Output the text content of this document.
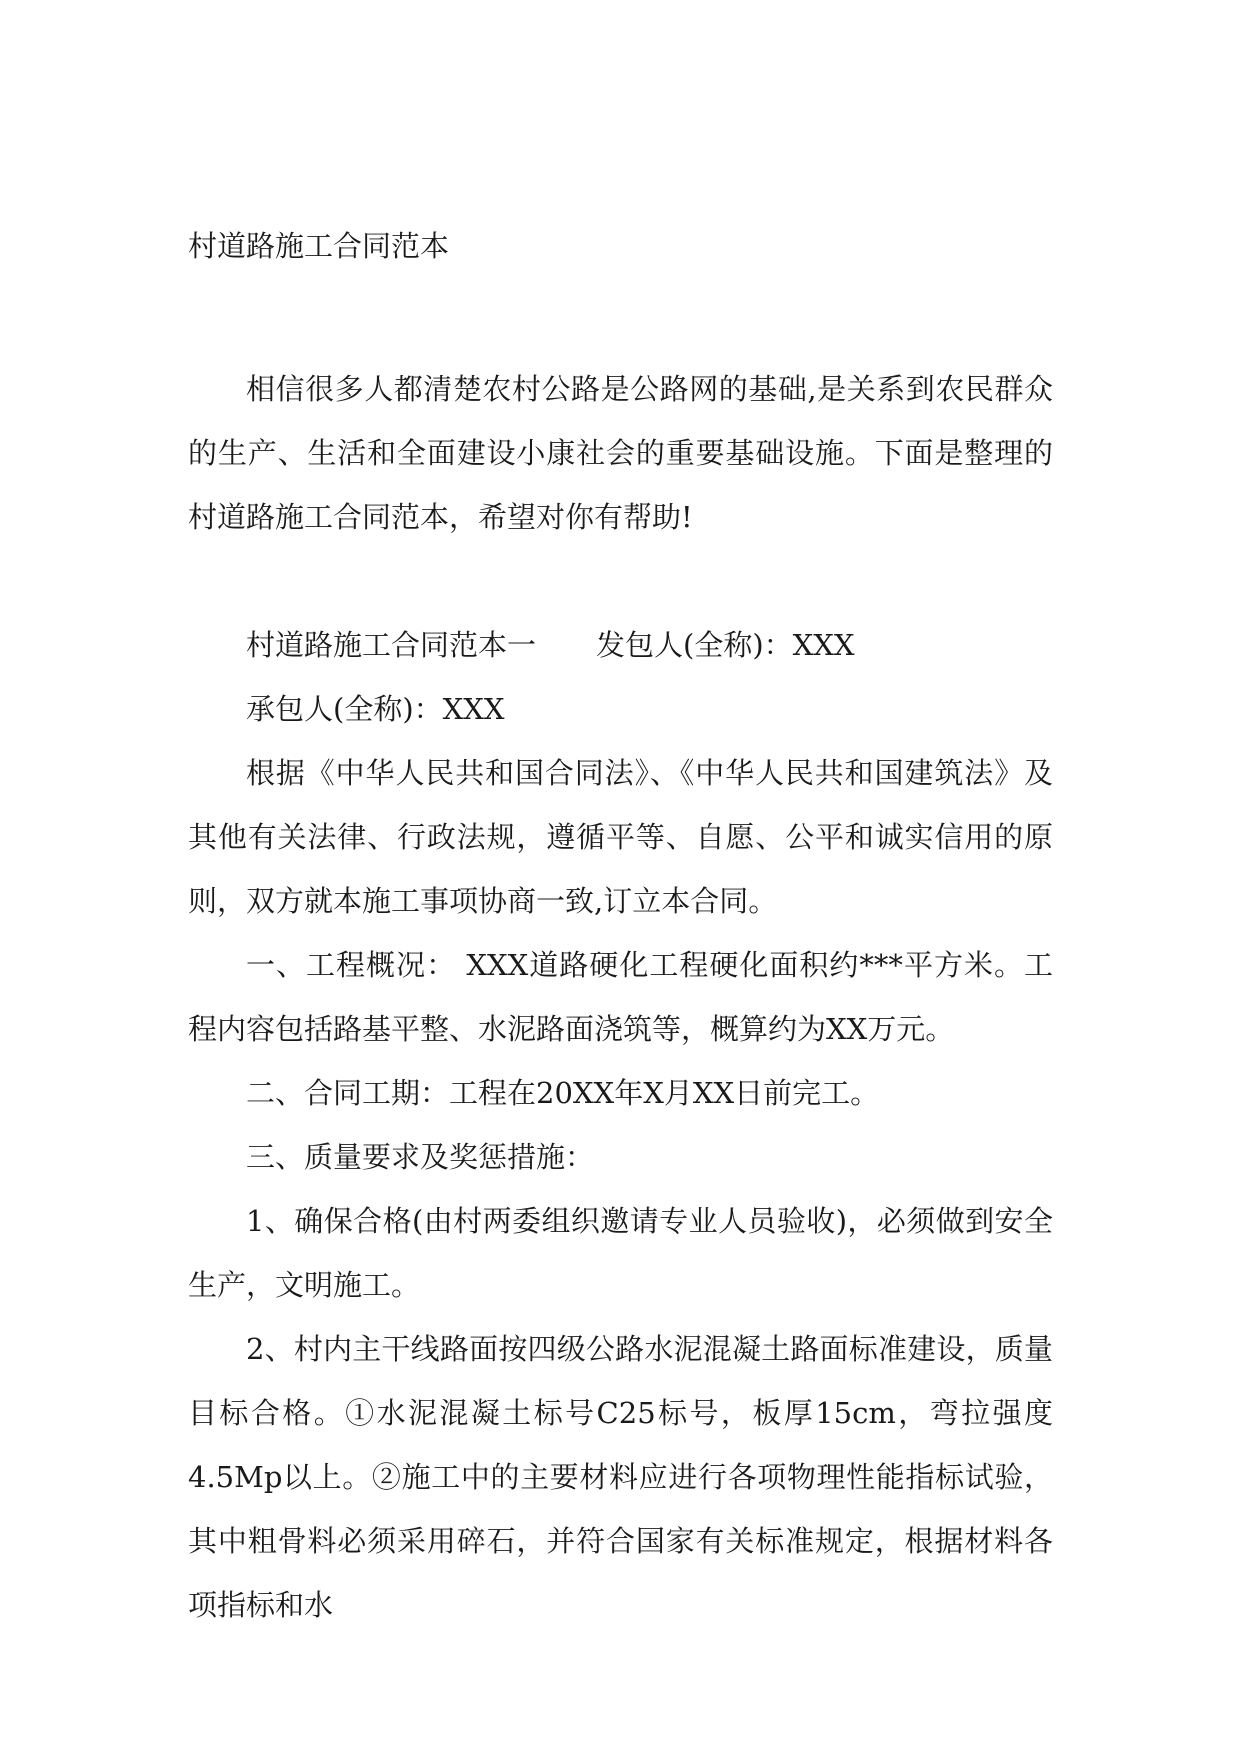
村道路施工合同范本

相信很多人都清楚农村公路是公路网的基础,是关系到农民群众的生产、生活和全面建设小康社会的重要基础设施。下面是整理的村道路施工合同范本，希望对你有帮助!

村道路施工合同范本一 发包人(全称)：XXX

承包人(全称)：XXX

根据《中华人民共和国合同法》、《中华人民共和国建筑法》及其他有关法律、行政法规，遵循平等、自愿、公平和诚实信用的原则，双方就本施工事项协商一致,订立本合同。

一、工程概况： XXX道路硬化工程硬化面积约***平方米。工程内容包括路基平整、水泥路面浇筑等，概算约为XX万元。

二、合同工期：工程在20XX年X月XX日前完工。

三、质量要求及奖惩措施：

1、确保合格(由村两委组织邀请专业人员验收)，必须做到安全生产，文明施工。

2、村内主干线路面按四级公路水泥混凝土路面标准建设，质量目标合格。①水泥混凝土标号C25标号，板厚15cm，弯拉强度4.5Mp以上。②施工中的主要材料应进行各项物理性能指标试验，其中粗骨料必须采用碎石，并符合国家有关标准规定，根据材料各项指标和水
